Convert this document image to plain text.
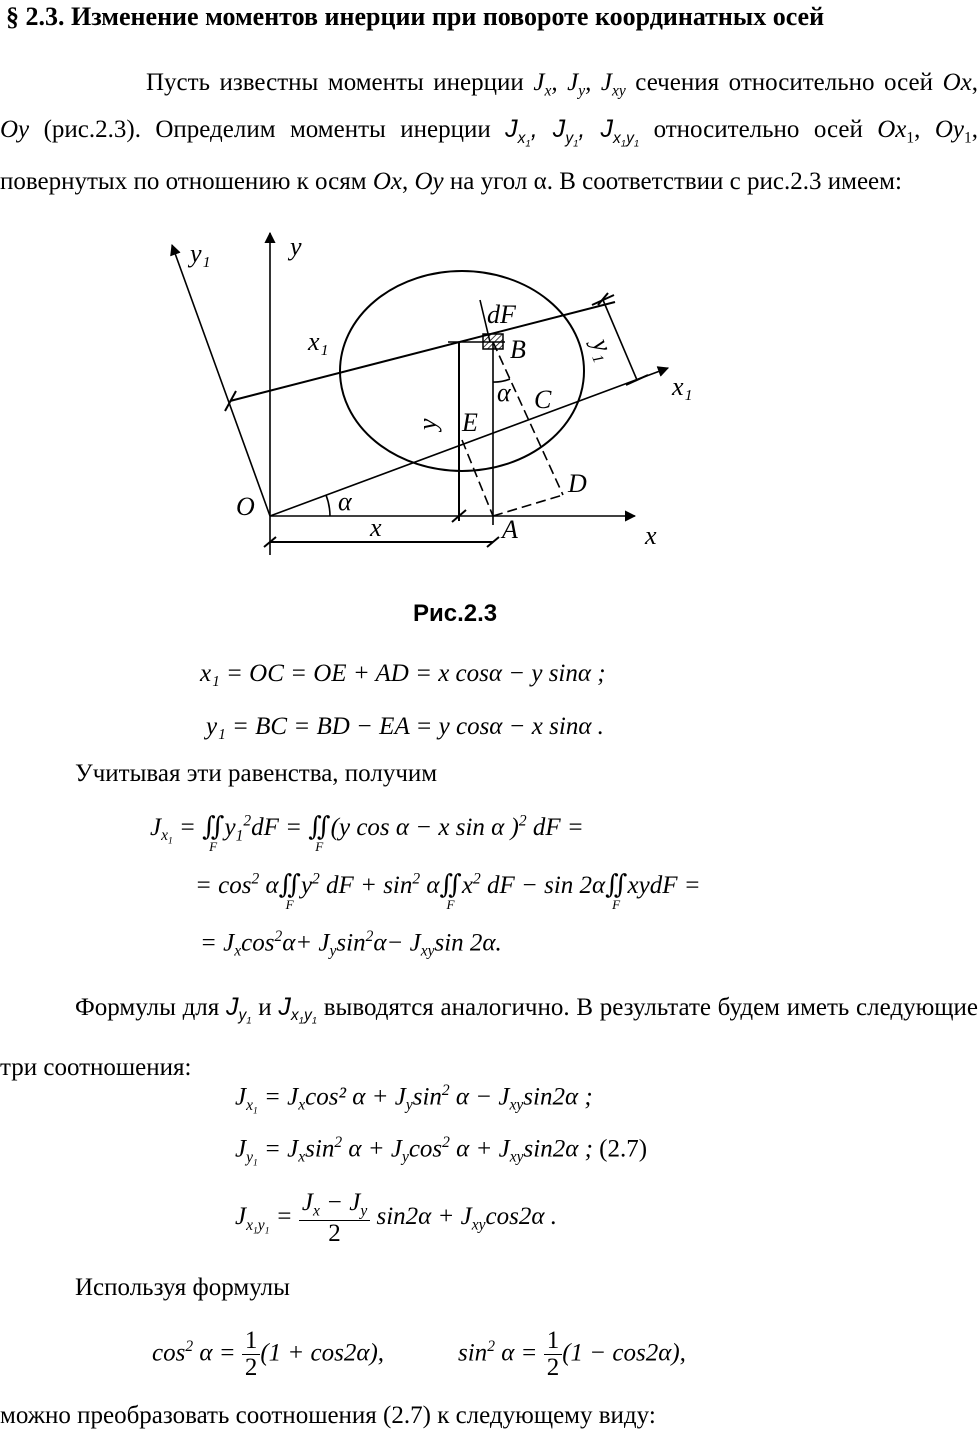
§ 2.3. Изменение моментов инерции при повороте координатных осей
Пусть известны моменты инерции $J_x$, $J_y$, $J_{xy}$ сечения относительно осей Ox, Oy (рис.2.3). Определим моменты инерции $J_{x_1}$, $J_{y_1}$, $J_{x_1y_1}$ относительно осей $Ox_1$, $Oy_1$, повернутых по отношению к осям Ox, Oy на угол α. В соответствии с рис.2.3 имеем:
y₁	y
x₁
dF
B
x₁
α C
E
D
O	α
x	A	x
y
y₁
Рис.2.3
x₁ = OC = OE + AD = x cosα − y sinα ;
y₁ = BC = BD − EA = y cosα − x sinα .
Учитывая эти равенства, получим
$J_{x_1}$ = ∬
F
$y_1^2dF$ = ∬
F
(y cos α − x sin α )$^2$ dF =
= $\cos^2$ α∬
F
$y^2$ dF + $\sin^2$ α∬
F
$x^2$ dF − sin 2α∬
F
xydF =
= $J_x\cos^2\alpha+ J_y\sin^2\alpha- J_{xy}\sin$ 2α.
Формулы для $J_{y_1}$ и $J_{x_1y_1}$ выводятся аналогично. В результате будем иметь следующие три соотношения:
$J_{x_1} = J_x\cos^2$ $\alpha + J_y\sin^2$ $\alpha - J_{xy}\sin 2\alpha$ ;
$J_{y_1} = J_x\sin^2$ $\alpha + J_y\cos^2$ $\alpha + J_{xy}\sin 2\alpha$ ; (2.7)
$J_{x_1y_1} = \frac{J_x - J_y}{2} \sin 2\alpha + J_{xy}\cos 2\alpha$ .
Используя формулы
$\cos^2 \alpha = \frac{1}{2} (1 + \cos 2\alpha)$,	$\sin^2 \alpha = \frac{1}{2} (1 - \cos 2\alpha)$,
можно преобразовать соотношения (2.7) к следующему виду:
